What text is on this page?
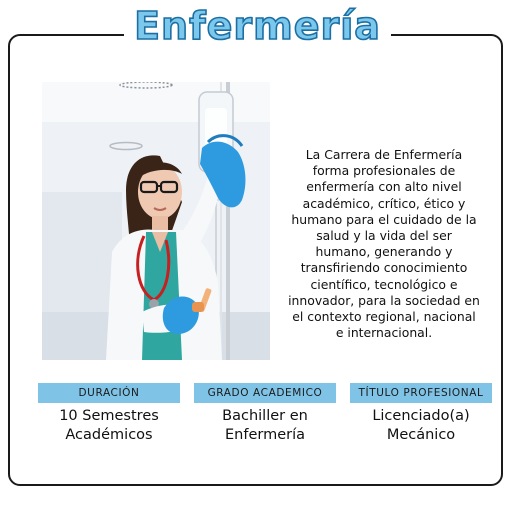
Enfermería
La Carrera de Enfermería forma profesionales de enfermería con alto nivel académico, crítico, ético y humano para el cuidado de la salud y la vida del ser humano, generando y transfiriendo conocimiento científico, tecnológico e innovador, para la sociedad en el contexto regional, nacional e internacional.
DURACIÓN
10 Semestres
Académicos
GRADO ACADEMICO
Bachiller en
Enfermería
TÍTULO PROFESIONAL
Licenciado(a)
Mecánico
